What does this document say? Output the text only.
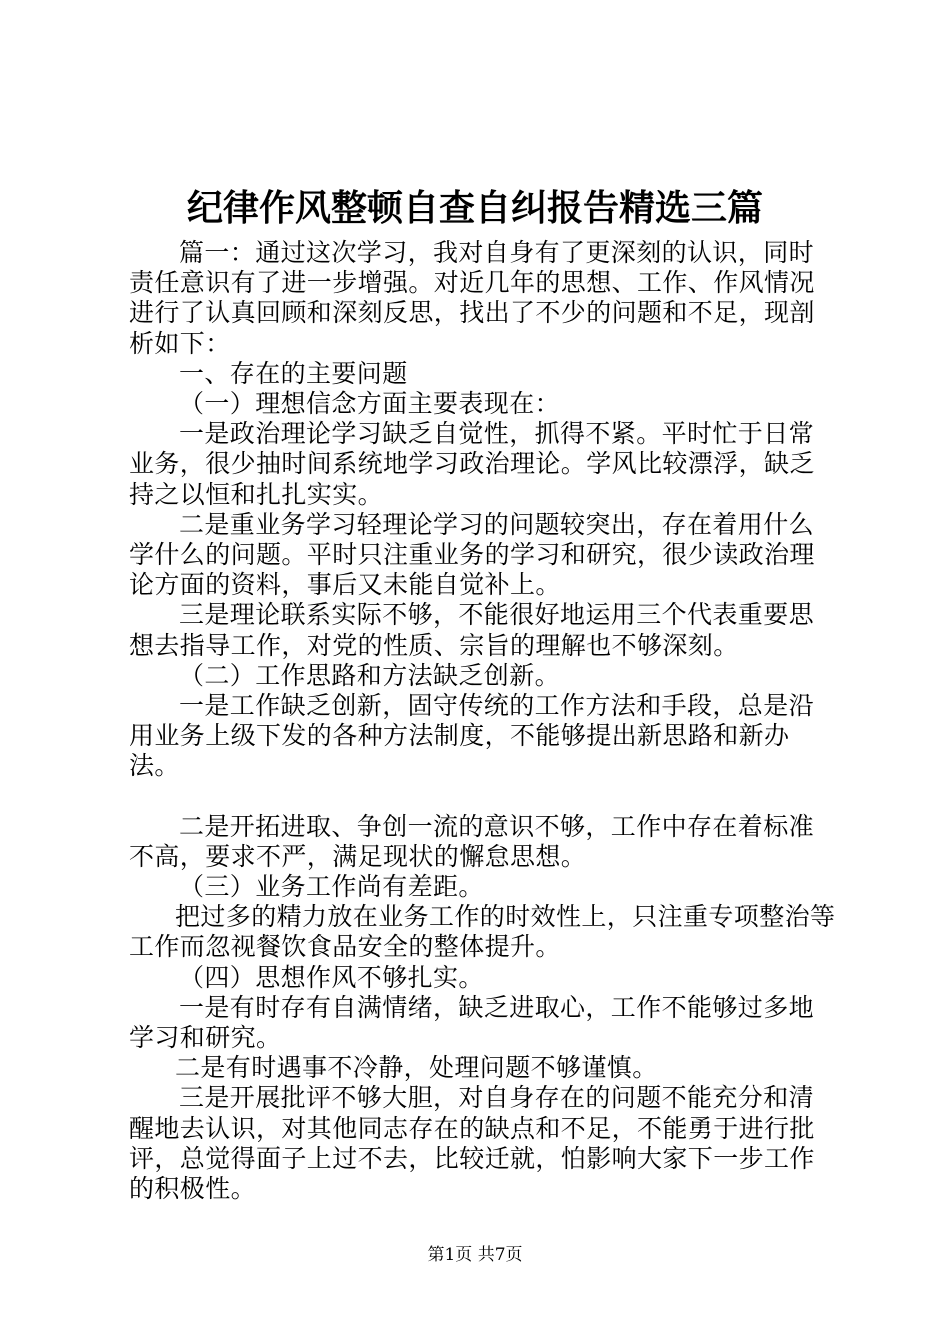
纪律作风整顿自查自纠报告精选三篇

篇一：通过这次学习，我对自身有了更深刻的认识，同时责任意识有了进一步增强。对近几年的思想、工作、作风情况进行了认真回顾和深刻反思，找出了不少的问题和不足，现剖析如下：

一、存在的主要问题

（一）理想信念方面主要表现在：

一是政治理论学习缺乏自觉性，抓得不紧。平时忙于日常业务，很少抽时间系统地学习政治理论。学风比较漂浮，缺乏持之以恒和扎扎实实。

二是重业务学习轻理论学习的问题较突出，存在着用什么学什么的问题。平时只注重业务的学习和研究，很少读政治理论方面的资料，事后又未能自觉补上。

三是理论联系实际不够，不能很好地运用三个代表重要思想去指导工作，对党的性质、宗旨的理解也不够深刻。

（二）工作思路和方法缺乏创新。

一是工作缺乏创新，固守传统的工作方法和手段，总是沿用业务上级下发的各种方法制度，不能够提出新思路和新办法。

二是开拓进取、争创一流的意识不够，工作中存在着标准不高，要求不严，满足现状的懈怠思想。

（三）业务工作尚有差距。

把过多的精力放在业务工作的时效性上，只注重专项整治等工作而忽视餐饮食品安全的整体提升。

（四）思想作风不够扎实。

一是有时存有自满情绪，缺乏进取心，工作不能够过多地学习和研究。

二是有时遇事不冷静，处理问题不够谨慎。

三是开展批评不够大胆，对自身存在的问题不能充分和清醒地去认识，对其他同志存在的缺点和不足，不能勇于进行批评，总觉得面子上过不去，比较迁就，怕影响大家下一步工作的积极性。

第1页 共7页
